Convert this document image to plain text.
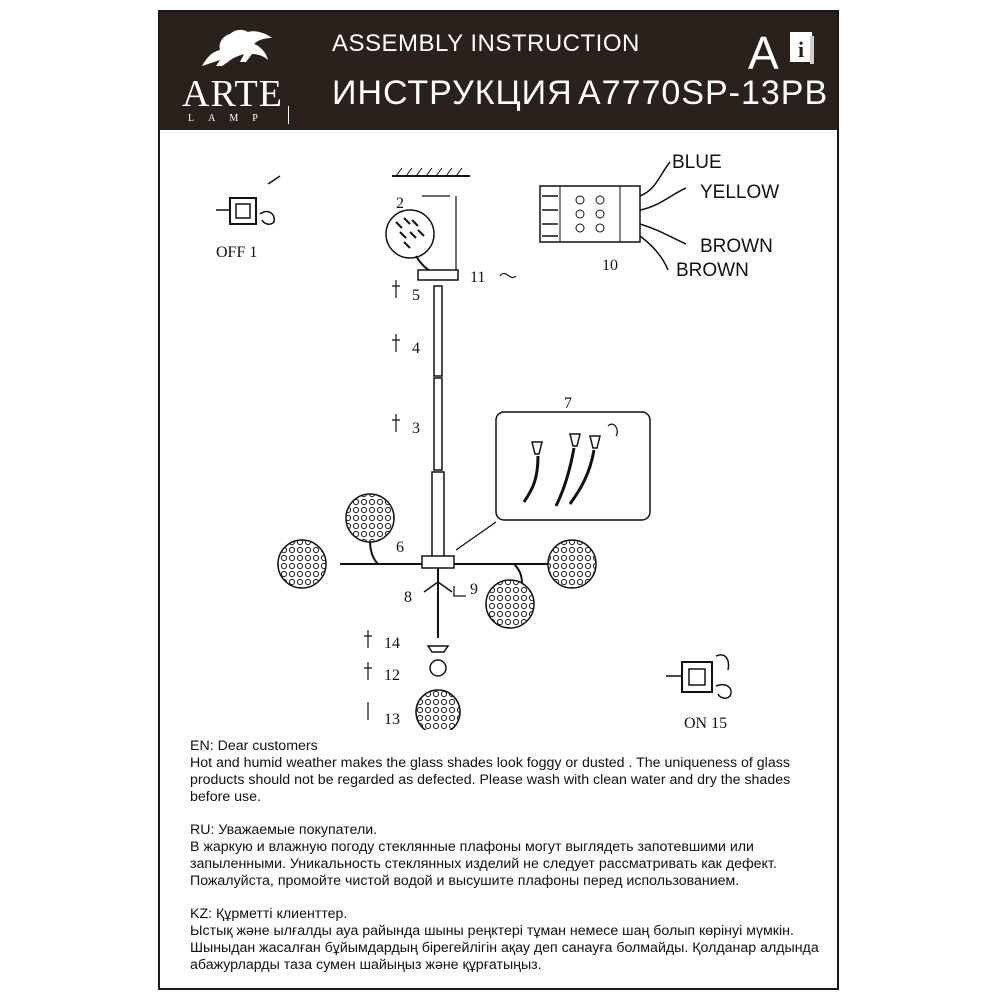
ARTE
LAMP
ASSEMBLY INSTRUCTION
ИНСТРУКЦИЯ A7770SP-13PB
A i
OFF 1
2
11
5
4
3
BLUE
YELLOW
BROWN
BROWN
10
7
6
8	9
14
12
13	ON 15

EN: Dear customers

Hot and humid weather makes the glass shades look foggy or dusted . The uniqueness of glass

products should not be regarded as defected. Please wash with clean water and dry the shades

before use.

RU: Уважаемые покупатели.

В жаркую и влажную погоду стеклянные плафоны могут выглядеть запотевшими или

запыленными. Уникальность стеклянных изделий не следует рассматривать как дефект.

Пожалуйста, промойте чистой водой и высушите плафоны перед использованием.

KZ: Құрметті клиенттер.

Ыстық және ылғалды ауа райында шыны реңктері тұман немесе шаң болып көрінуі мүмкін.

Шыныдан жасалған бұйымдардың бірегейлігін ақау деп санауға болмайды. Қолданар алдында

абажурларды таза сумен шайыңыз және құрғатыңыз.
